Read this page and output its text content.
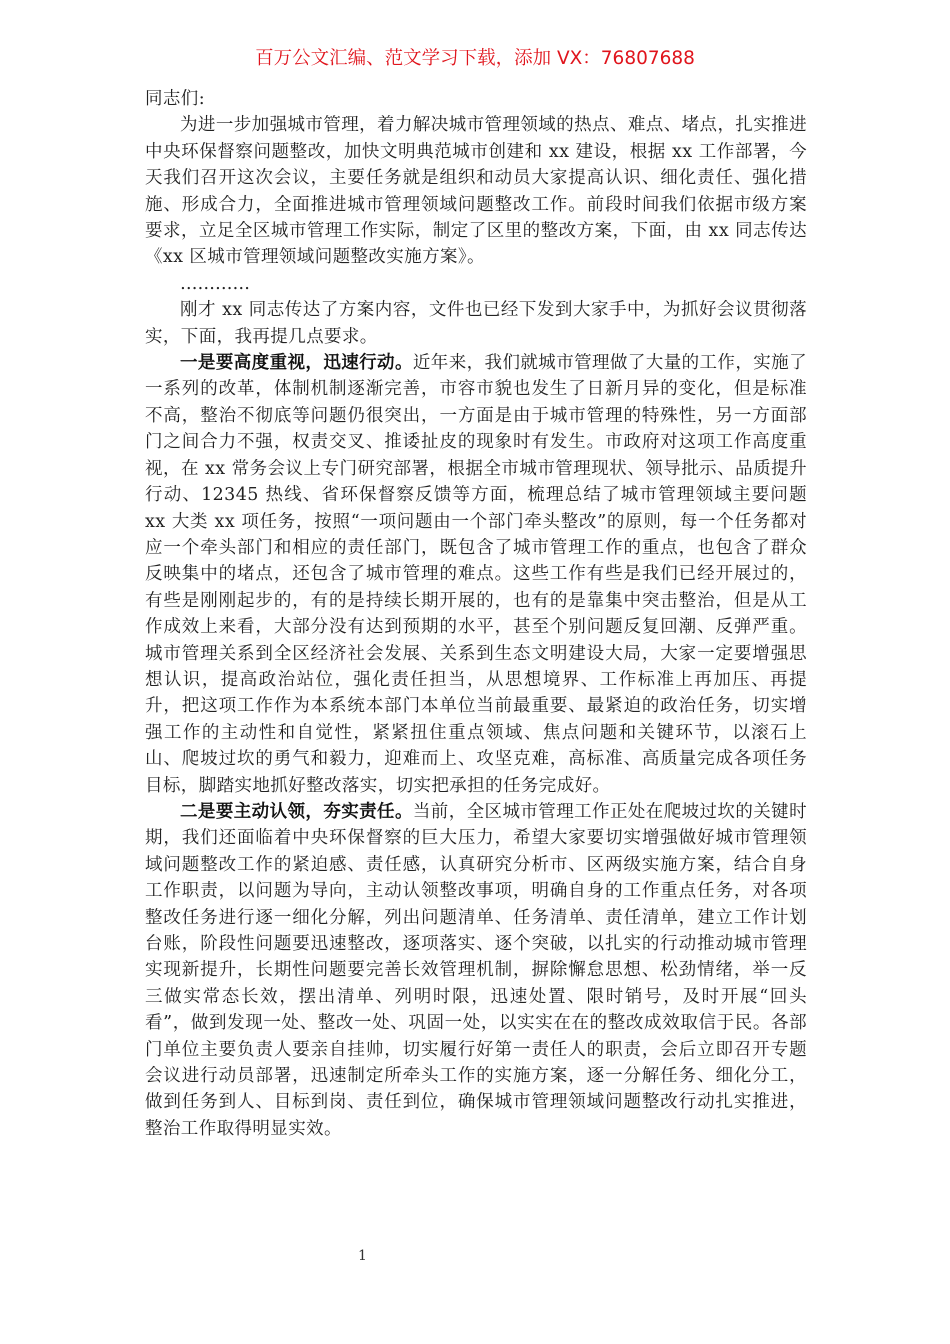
百万公文汇编、范文学习下载，添加 VX：76807688

同志们:

为进一步加强城市管理，着力解决城市管理领域的热点、难点、堵点，扎实推进中央环保督察问题整改，加快文明典范城市创建和 xx 建设，根据 xx 工作部署，今天我们召开这次会议，主要任务就是组织和动员大家提高认识、细化责任、强化措施、形成合力，全面推进城市管理领域问题整改工作。前段时间我们依据市级方案要求，立足全区城市管理工作实际，制定了区里的整改方案，下面，由 xx 同志传达《xx 区城市管理领域问题整改实施方案》。

…………

刚才 xx 同志传达了方案内容，文件也已经下发到大家手中，为抓好会议贯彻落实，下面，我再提几点要求。

一是要高度重视，迅速行动。近年来，我们就城市管理做了大量的工作，实施了一系列的改革，体制机制逐渐完善，市容市貌也发生了日新月异的变化，但是标准不高，整治不彻底等问题仍很突出，一方面是由于城市管理的特殊性，另一方面部门之间合力不强，权责交叉、推诿扯皮的现象时有发生。市政府对这项工作高度重视，在 xx 常务会议上专门研究部署，根据全市城市管理现状、领导批示、品质提升行动、12345 热线、省环保督察反馈等方面，梳理总结了城市管理领域主要问题 xx 大类 xx 项任务，按照“一项问题由一个部门牵头整改”的原则，每一个任务都对应一个牵头部门和相应的责任部门，既包含了城市管理工作的重点，也包含了群众反映集中的堵点，还包含了城市管理的难点。这些工作有些是我们已经开展过的，有些是刚刚起步的，有的是持续长期开展的，也有的是靠集中突击整治，但是从工作成效上来看，大部分没有达到预期的水平，甚至个别问题反复回潮、反弹严重。城市管理关系到全区经济社会发展、关系到生态文明建设大局，大家一定要增强思想认识，提高政治站位，强化责任担当，从思想境界、工作标准上再加压、再提升，把这项工作作为本系统本部门本单位当前最重要、最紧迫的政治任务，切实增强工作的主动性和自觉性，紧紧扭住重点领域、焦点问题和关键环节，以滚石上山、爬坡过坎的勇气和毅力，迎难而上、攻坚克难，高标准、高质量完成各项任务目标，脚踏实地抓好整改落实，切实把承担的任务完成好。

二是要主动认领，夯实责任。当前，全区城市管理工作正处在爬坡过坎的关键时期，我们还面临着中央环保督察的巨大压力，希望大家要切实增强做好城市管理领域问题整改工作的紧迫感、责任感，认真研究分析市、区两级实施方案，结合自身工作职责，以问题为导向，主动认领整改事项，明确自身的工作重点任务，对各项整改任务进行逐一细化分解，列出问题清单、任务清单、责任清单，建立工作计划台账，阶段性问题要迅速整改，逐项落实、逐个突破，以扎实的行动推动城市管理实现新提升，长期性问题要完善长效管理机制，摒除懈怠思想、松劲情绪，举一反三做实常态长效，摆出清单、列明时限，迅速处置、限时销号，及时开展“回头看”，做到发现一处、整改一处、巩固一处，以实实在在的整改成效取信于民。各部门单位主要负责人要亲自挂帅，切实履行好第一责任人的职责，会后立即召开专题会议进行动员部署，迅速制定所牵头工作的实施方案，逐一分解任务、细化分工，做到任务到人、目标到岗、责任到位，确保城市管理领域问题整改行动扎实推进，整治工作取得明显实效。

1
